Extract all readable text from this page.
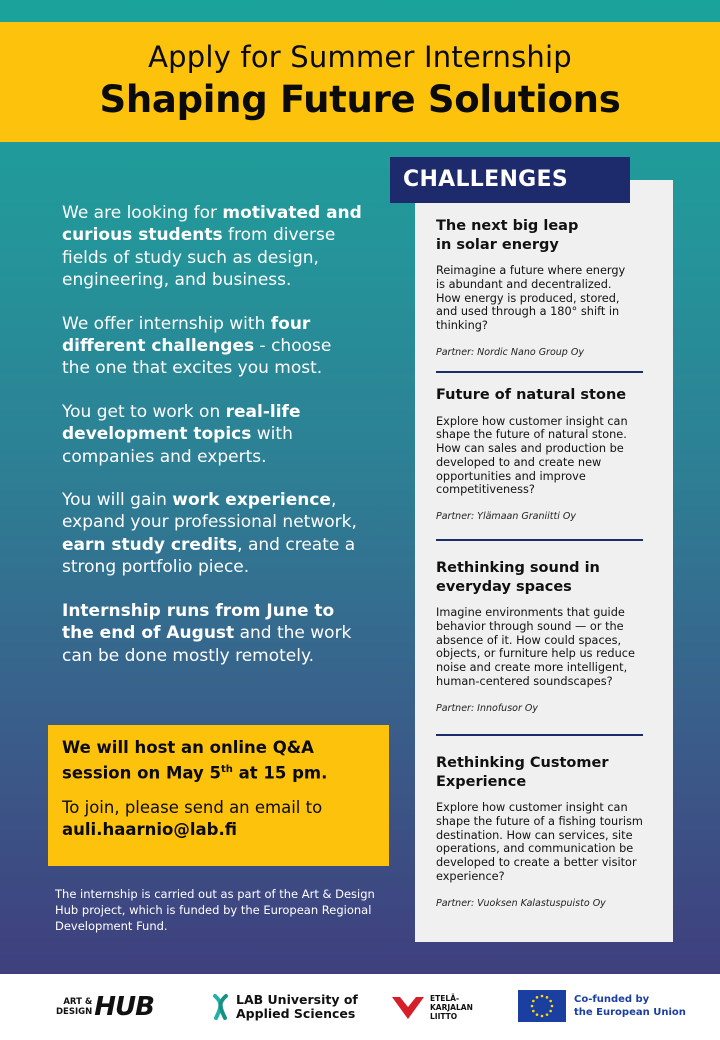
Apply for Summer Internship
Shaping Future Solutions

We are looking for motivated and curious students from diverse fields of study such as design, engineering, and business.

We offer internship with four different challenges - choose the one that excites you most.

You get to work on real-life development topics with companies and experts.

You will gain work experience, expand your professional network, earn study credits, and create a strong portfolio piece.

Internship runs from June to the end of August and the work can be done mostly remotely.

We will host an online Q&A session on May 5th at 15 pm.
To join, please send an email to
auli.haarnio@lab.fi
The internship is carried out as part of the Art & Design Hub project, which is funded by the European Regional Development Fund.
CHALLENGES
The next big leap in solar energy
Reimagine a future where energy is abundant and decentralized. How energy is produced, stored, and used through a 180° shift in thinking?
Partner: Nordic Nano Group Oy
Future of natural stone
Explore how customer insight can shape the future of natural stone. How can sales and production be developed to and create new opportunities and improve competitiveness?
Partner: Ylämaan Graniitti Oy
Rethinking sound in everyday spaces
Imagine environments that guide behavior through sound — or the absence of it. How could spaces, objects, or furniture help us reduce noise and create more intelligent, human-centered soundscapes?
Partner: Innofusor Oy
Rethinking Customer Experience
Explore how customer insight can shape the future of a fishing tourism destination. How can services, site operations, and communication be developed to create a better visitor experience?
Partner: Vuoksen Kalastuspuisto Oy
ART &
DESIGN HUB	LAB University of
Applied Sciences
ETELÄ-
KARJALAN
LIITTO
Co-funded by
the European Union
